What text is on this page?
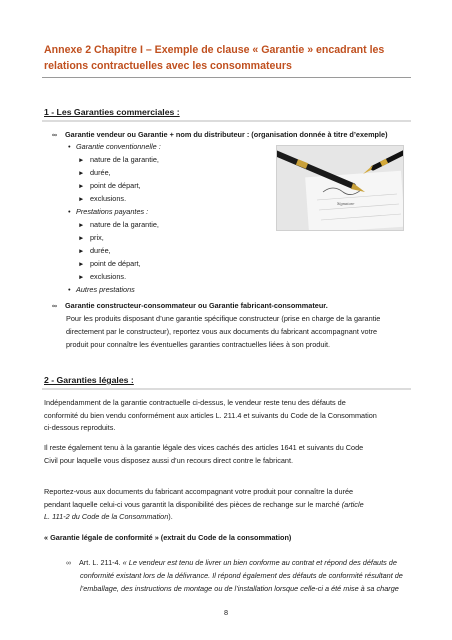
Annexe 2 Chapitre I – Exemple de clause « Garantie » encadrant les
relations contractuelles avec les consommateurs
1 - Les Garanties commerciales :
∞ Garantie vendeur ou Garantie + nom du distributeur : (organisation donnée à titre d’exemple)
• Garantie conventionnelle :
► nature de la garantie,
► durée,
► point de départ,
► exclusions.
• Prestations payantes :
► nature de la garantie,
► prix,
► durée,
► point de départ,
► exclusions.
• Autres prestations
Signature
∞ Garantie constructeur-consommateur ou Garantie fabricant-consommateur.
Pour les produits disposant d’une garantie spécifique constructeur (prise en charge de la garantie
directement par le constructeur), reportez vous aux documents du fabricant accompagnant votre
produit pour connaître les éventuelles garanties contractuelles liées à son produit.
2 - Garanties légales :
Indépendamment de la garantie contractuelle ci-dessus, le vendeur reste tenu des défauts de
conformité du bien vendu conformément aux articles L. 211.4 et suivants du Code de la Consommation
ci-dessous reproduits.
Il reste également tenu à la garantie légale des vices cachés des articles 1641 et suivants du Code
Civil pour laquelle vous disposez aussi d’un recours direct contre le fabricant.
Reportez-vous aux documents du fabricant accompagnant votre produit pour connaître la durée
pendant laquelle celui-ci vous garantit la disponibilité des pièces de rechange sur le marché (article
L. 111-2 du Code de la Consommation).
« Garantie légale de conformité » (extrait du Code de la consommation)
∞ Art. L. 211-4. « Le vendeur est tenu de livrer un bien conforme au contrat et répond des défauts de
conformité existant lors de la délivrance. Il répond également des défauts de conformité résultant de
l’emballage, des instructions de montage ou de l’installation lorsque celle-ci a été mise à sa charge
8
